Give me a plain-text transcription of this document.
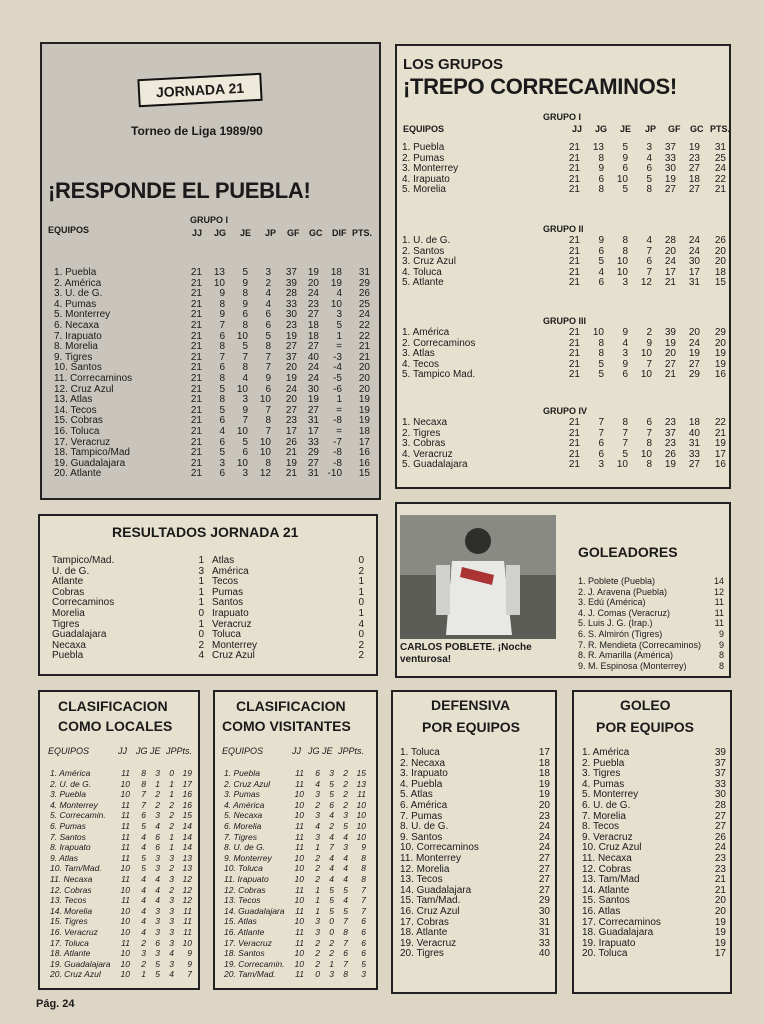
JORNADA 21
Torneo de Liga 1989/90
¡RESPONDE EL PUEBLA!
GRUPO I
EQUIPOS	JJ JG JE JP GF GC DIF PTS.
1. Puebla	21 13 5 3 37 19 18 31
2. América	21 10 9 2 39 20 19 29
3. U. de G.	21 9 8 4 28 24 4 26
4. Pumas	21 8 9 4 33 23 10 25
5. Monterrey	21 9 6 6 30 27 3 24
6. Necaxa	21 7 8 6 23 18 5 22
7. Irapuato	21 6 10 5 19 18 1 22
8. Morelia	21 8 5 8 27 27 = 21
9. Tigres	21 7 7 7 37 40 -3 21
10. Santos	21 6 8 7 20 24 -4 20
11. Correcaminos	21 8 4 9 19 24 -5 20
12. Cruz Azul	21 5 10 6 24 30 -6 20
13. Atlas	21 8 3 10 20 19 1 19
14. Tecos	21 5 9 7 27 27 = 19
15. Cobras	21 6 7 8 23 31 -8 19
16. Toluca	21 4 10 7 17 17 = 18
17. Veracruz	21 6 5 10 26 33 -7 17
18. Tampico/Mad	21 5 6 10 21 29 -8 16
19. Guadalajara	21 3 10 8 19 27 -8 16
20. Atlante	21 6 3 12 21 31 -10 15
LOS GRUPOS
¡TREPO CORRECAMINOS!
EQUIPOS
GRUPO I
JJ JG JE JP GF GC PTS.
1. Puebla	21 13 5 3 37 19 31
2. Pumas	21 8 9 4 33 23 25
3. Monterrey	21 9 6 6 30 27 24
4. Irapuato	21 6 10 5 19 18 22
5. Morelia	21 8 5 8 27 27 21
GRUPO II
1. U. de G.	21 9 8 4 28 24 26
2. Santos	21 6 8 7 20 24 20
3. Cruz Azul	21 5 10 6 24 30 20
4. Toluca	21 4 10 7 17 17 18
5. Atlante	21 6 3 12 21 31 15
GRUPO III
1. América	21 10 9 2 39 20 29
2. Correcaminos	21 8 4 9 19 24 20
3. Atlas	21 8 3 10 20 19 19
4. Tecos	21 5 9 7 27 27 19
5. Tampico Mad.	21 5 6 10 21 29 16
GRUPO IV
1. Necaxa	21 7 8 6 23 18 22
2. Tigres	21 7 7 7 37 40 21
3. Cobras	21 6 7 8 23 31 19
4. Veracruz	21 6 5 10 26 33 17
5. Guadalajara	21 3 10 8 19 27 16
RESULTADOS JORNADA 21
Tampico/Mad.	1 Atlas	0
U. de G.	3 América	2
Atlante	1 Tecos	1
Cobras	1 Pumas	1
Correcaminos	1 Santos	0
Morelia	0 Irapuato	1
Tigres	1 Veracruz	4
Guadalajara	0 Toluca	0
Necaxa	2 Monterrey	2
Puebla	4 Cruz Azul	2
CARLOS POBLETE. ¡Noche venturosa!
GOLEADORES
1. Poblete (Puebla)	14
2. J. Aravena (Puebla)	12
3. Edú (América)	11
4. J. Comas (Veracruz)	11
5. Luis J. G. (Irap.)	11
6. S. Almirón (Tigres)	9
7. R. Mendieta (Correcaminos) 9
8. R. Amarilla (América)	8
9. M. Espinosa (Monterrey)	8
CLASIFICACION
COMO LOCALES
EQUIPOS	JJ JG JE JPPts.
1. América	11 8 3 0 19
2. U. de G.	10 8 1 1 17
3. Puebla	10 7 2 1 16
4. Monterrey	11 7 2 2 16
5. Correcamin. 11 6 3 2 15
6. Pumas	11 5 4 2 14
7. Santos	11 4 6 1 14
8. Irapuato	11 4 6 1 14
9. Atlas	11 5 3 3 13
10. Tam/Mad. 10 5 3 2 13
11. Necaxa	11 4 4 3 12
12. Cobras	10 4 4 2 12
13. Tecos	11 4 4 3 12
14. Morelia	10 4 3 3 11
15. Tigres	10 4 3 3 11
16. Veracruz	10 4 3 3 11
17. Toluca	11 2 6 3 10
18. Atlante	10 3 3 4 9
19. Guadalajara 10 2 5 3 9
20. Cruz Azul 10 1 5 4 7
CLASIFICACION
COMO VISITANTES
EQUIPOS	JJ JG JE JPPts.
1. Puebla	11 6 3 2 15
2. Cruz Azul	11 4 5 2 13
3. Pumas	10 3 5 2 11
4. América	10 2 6 2 10
5. Necaxa	10 3 4 3 10
6. Morelia	11 4 2 5 10
7. Tigres	11 3 4 4 10
8. U. de G.	11 1 7 3 9
9. Monterrey	10 2 4 4 8
10. Toluca	10 2 4 4 8
11. Irapuato	10 2 4 4 8
12. Cobras	11 1 5 5 7
13. Tecos	10 1 5 4 7
14. Guadalajara 11 1 5 5 7
15. Atlas	10 3 0 7 6
16. Atlante	11 3 0 8 6
17. Veracruz	11 2 2 7 6
18. Santos	10 2 2 6 6
19. Correcamin. 10 2 1 7 5
20. Tam/Mad. 11 0 3 8 3
DEFENSIVA
POR EQUIPOS
1. Toluca	17
2. Necaxa	18
3. Irapuato	18
4. Puebla	19
5. Atlas	19
6. América	20
7. Pumas	23
8. U. de G.	24
9. Santos	24
10. Correcaminos	24
11. Monterrey	27
12. Morelia	27
13. Tecos	27
14. Guadalajara	27
15. Tam/Mad.	29
16. Cruz Azul	30
17. Cobras	31
18. Atlante	31
19. Veracruz	33
20. Tigres	40
GOLEO
POR EQUIPOS
1. América	39
2. Puebla	37
3. Tigres	37
4. Pumas	33
5. Monterrey	30
6. U. de G.	28
7. Morelia	27
8. Tecos	27
9. Veracruz	26
10. Cruz Azul	24
11. Necaxa	23
12. Cobras	23
13. Tam/Mad	21
14. Atlante	21
15. Santos	20
16. Atlas	20
17. Correcaminos	19
18. Guadalajara	19
19. Irapuato	19
20. Toluca	17
Pág. 24
